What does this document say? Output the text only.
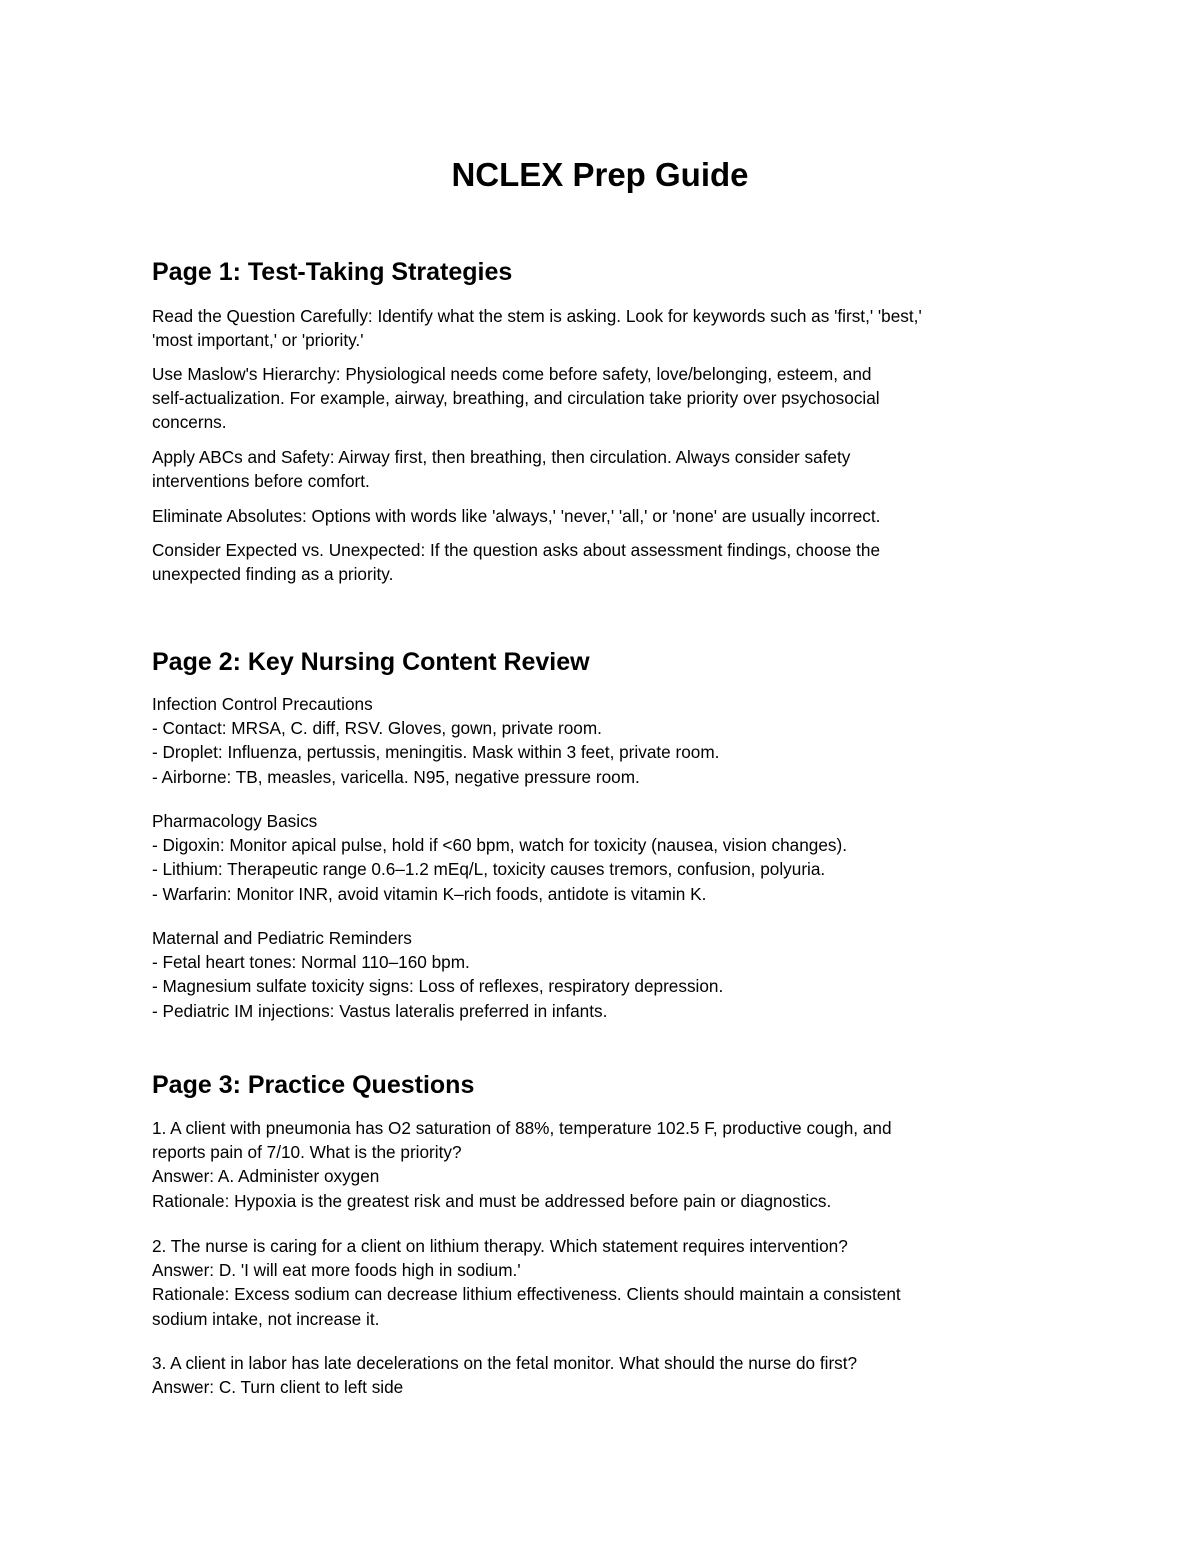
NCLEX Prep Guide
Page 1: Test-Taking Strategies

Read the Question Carefully: Identify what the stem is asking. Look for keywords such as 'first,' 'best,'
'most important,' or 'priority.'

Use Maslow's Hierarchy: Physiological needs come before safety, love/belonging, esteem, and
self-actualization. For example, airway, breathing, and circulation take priority over psychosocial
concerns.

Apply ABCs and Safety: Airway first, then breathing, then circulation. Always consider safety
interventions before comfort.

Eliminate Absolutes: Options with words like 'always,' 'never,' 'all,' or 'none' are usually incorrect.

Consider Expected vs. Unexpected: If the question asks about assessment findings, choose the
unexpected finding as a priority.

Page 2: Key Nursing Content Review
Infection Control Precautions
- Contact: MRSA, C. diff, RSV. Gloves, gown, private room.
- Droplet: Influenza, pertussis, meningitis. Mask within 3 feet, private room.
- Airborne: TB, measles, varicella. N95, negative pressure room.
Pharmacology Basics
- Digoxin: Monitor apical pulse, hold if <60 bpm, watch for toxicity (nausea, vision changes).
- Lithium: Therapeutic range 0.6–1.2 mEq/L, toxicity causes tremors, confusion, polyuria.
- Warfarin: Monitor INR, avoid vitamin K–rich foods, antidote is vitamin K.
Maternal and Pediatric Reminders
- Fetal heart tones: Normal 110–160 bpm.
- Magnesium sulfate toxicity signs: Loss of reflexes, respiratory depression.
- Pediatric IM injections: Vastus lateralis preferred in infants.
Page 3: Practice Questions
1. A client with pneumonia has O2 saturation of 88%, temperature 102.5 F, productive cough, and
reports pain of 7/10. What is the priority?
Answer: A. Administer oxygen
Rationale: Hypoxia is the greatest risk and must be addressed before pain or diagnostics.
2. The nurse is caring for a client on lithium therapy. Which statement requires intervention?
Answer: D. 'I will eat more foods high in sodium.'
Rationale: Excess sodium can decrease lithium effectiveness. Clients should maintain a consistent
sodium intake, not increase it.
3. A client in labor has late decelerations on the fetal monitor. What should the nurse do first?
Answer: C. Turn client to left side
